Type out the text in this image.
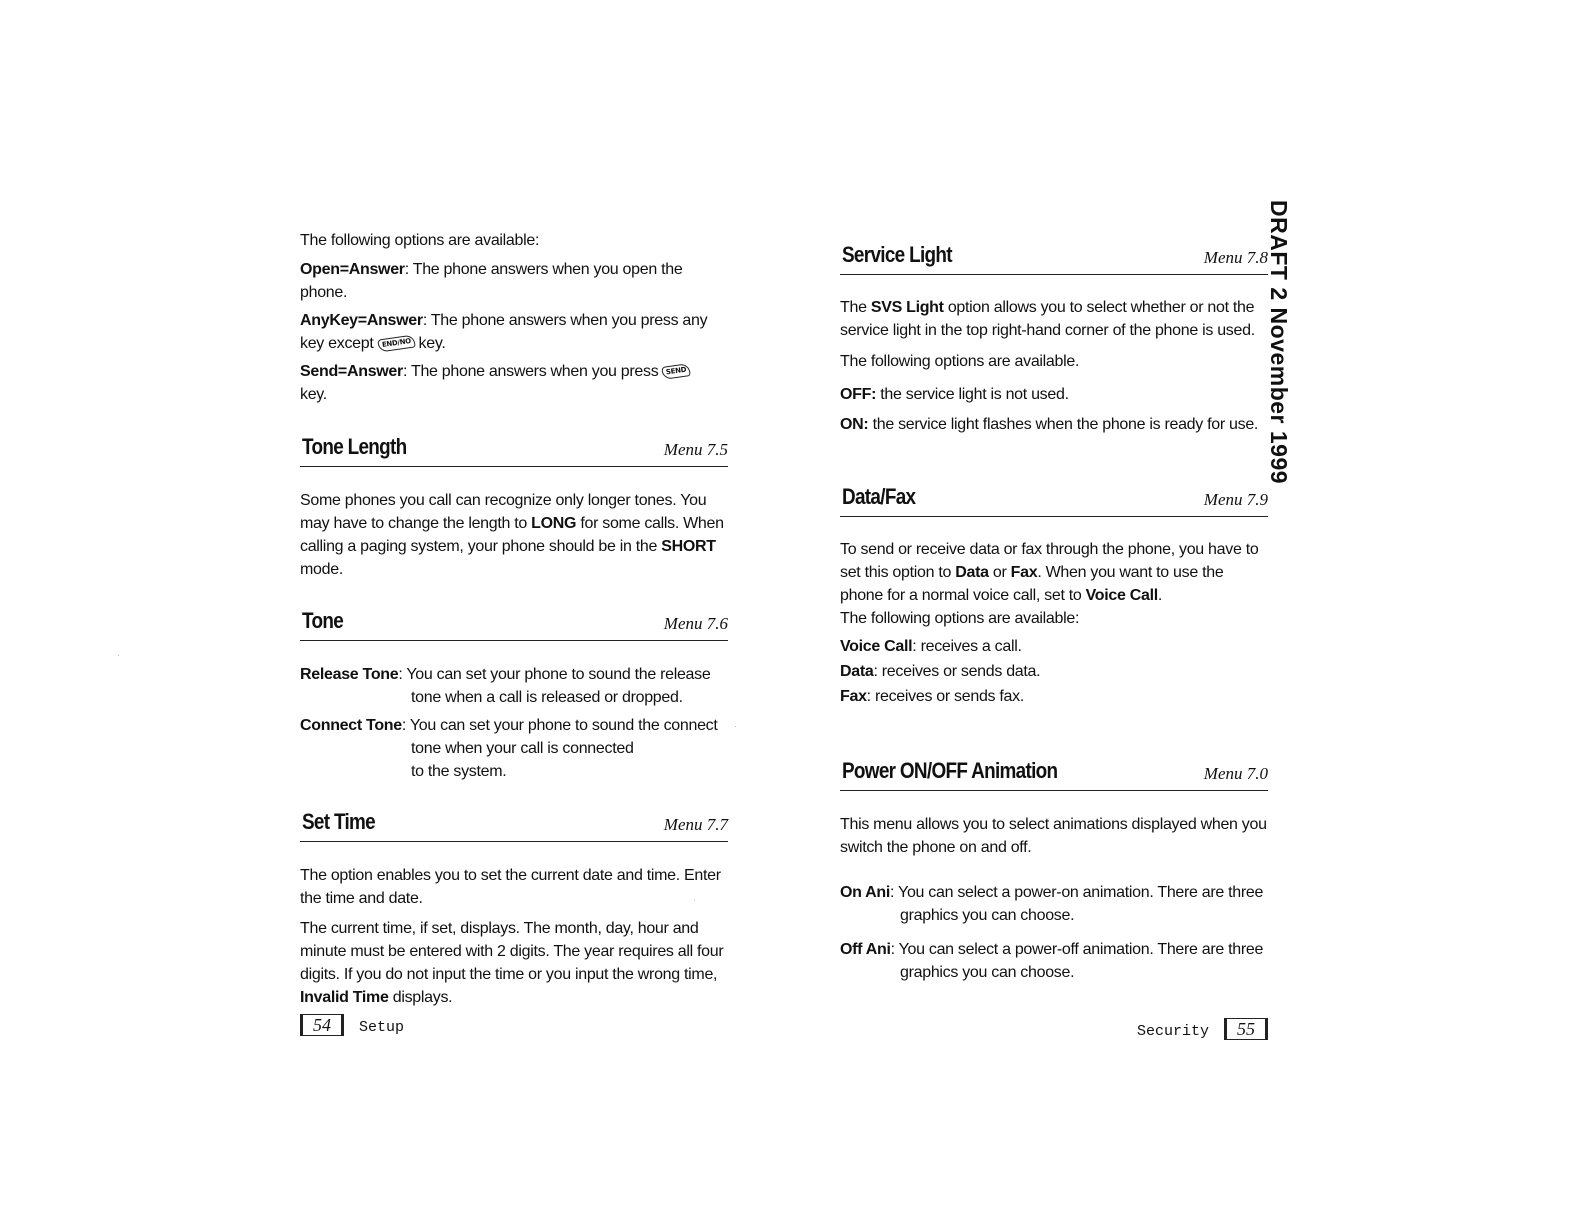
The following options are available:

Open=Answer: The phone answers when you open the phone.

AnyKey=Answer: The phone answers when you press any key except END/NO key.

Send=Answer: The phone answers when you press SEND
key.

Tone Length	Menu 7.5

Some phones you call can recognize only longer tones. You may have to change the length to LONG for some calls. When calling a paging system, your phone should be in the SHORT mode.

Tone	Menu 7.6

Release Tone: You can set your phone to sound the release

tone when a call is released or dropped.

Connect Tone: You can set your phone to sound the connect

tone when your call is connected to the system.

Set Time	Menu 7.7

The option enables you to set the current date and time. Enter the time and date.

The current time, if set, displays. The month, day, hour and minute must be entered with 2 digits. The year requires all four digits. If you do not input the time or you input the wrong time, Invalid Time displays.

54 Setup
Service Light	Menu 7.8

The SVS Light option allows you to select whether or not the service light in the top right-hand corner of the phone is used.

The following options are available.

OFF: the service light is not used.

ON: the service light flashes when the phone is ready for use.

Data/Fax	Menu 7.9

To send or receive data or fax through the phone, you have to set this option to Data or Fax. When you want to use the phone for a normal voice call, set to Voice Call.
The following options are available:

Voice Call: receives a call.

Data: receives or sends data.

Fax: receives or sends fax.

Power ON/OFF Animation	Menu 7.0

This menu allows you to select animations displayed when you switch the phone on and off.

On Ani: You can select a power-on animation. There are three

graphics you can choose.

Off Ani: You can select a power-off animation. There are three

graphics you can choose.

Security 55
DRAFT 2 November 1999
